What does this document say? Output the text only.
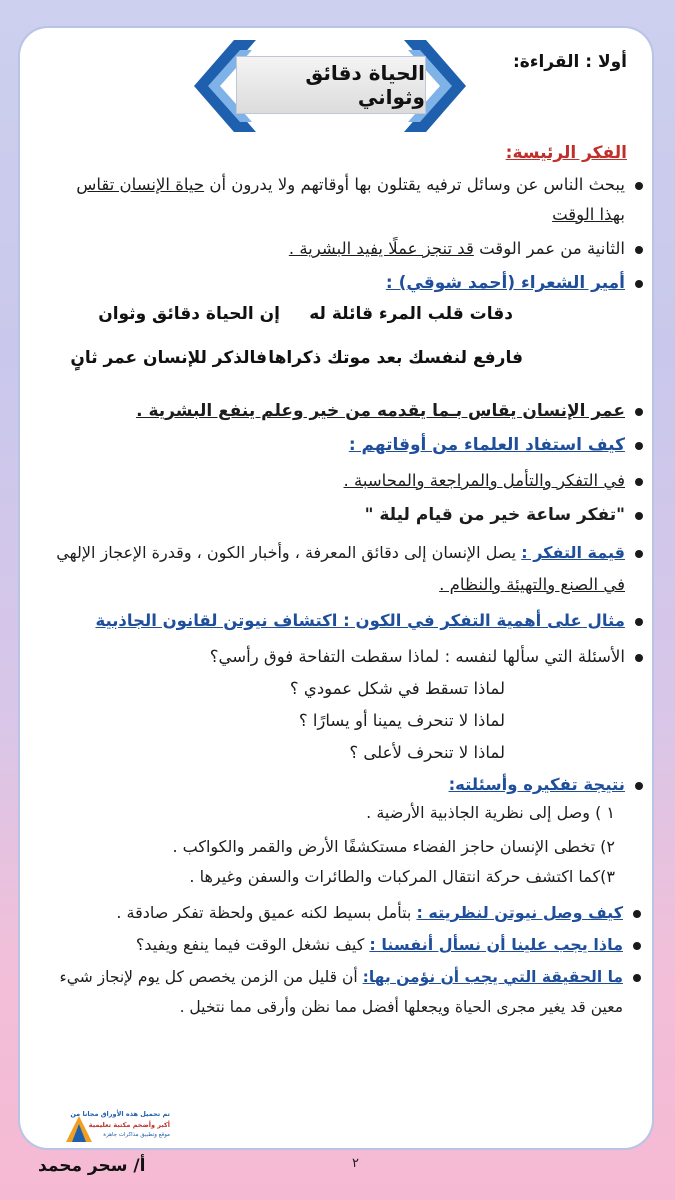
أولا : القراءة:
الحياة دقائق وثواني
الفكر الرئيسة:
يبحث الناس عن وسائل ترفيه يقتلون بها أوقاتهم ولا يدرون أن حياة الإنسان تقاس
بهذا الوقت
الثانية من عمر الوقت قد تنجز عملًا يفيد البشرية .
أمير الشعراء (أحمد شوقي) :
دقات قلب المرء قائلة له
إن الحياة دقائق وثوان
فارفع لنفسك بعد موتك ذكراها
فالذكر للإنسان عمر ثانٍ
عمر الإنسان يقاس بـما يقدمه من خير وعلم ينفع البشرية .
كيف استفاد العلماء من أوقاتهم :
في التفكر والتأمل والمراجعة والمحاسبة .
"تفكر ساعة خير من قيام ليلة "
قيمة التفكر : يصل الإنسان إلى دقائق المعرفة ، وأخبار الكون ، وقدرة الإعجاز الإلهي
في الصنع والتهيئة والنظام .
مثال على أهمية التفكر في الكون : اكتشاف نيوتن لقانون الجاذبية
الأسئلة التي سألها لنفسه : لماذا سقطت التفاحة فوق رأسي؟
لماذا تسقط في شكل عمودي ؟
لماذا لا تنحرف يمينا أو يسارًا ؟
لماذا لا تنحرف لأعلى ؟
نتيجة تفكيره وأسئلته:
١ ) وصل إلى نظرية الجاذبية الأرضية .
٢) تخطى الإنسان حاجز الفضاء مستكشفًا الأرض والقمر والكواكب .
٣)كما اكتشف حركة انتقال المركبات والطائرات والسفن وغيرها .
كيف وصل نيوتن لنظريته : بتأمل بسيط لكنه عميق ولحظة تفكر صادقة .
ماذا يجب علينا أن نسأل أنفسنا : كيف نشغل الوقت فيما ينفع ويفيد؟
ما الحقيقة التي يجب أن نؤمن بها: أن قليل من الزمن يخصص كل يوم لإنجاز شيء
معين قد يغير مجرى الحياة ويجعلها أفضل مما نظن وأرقى مما نتخيل .
تم تحميل هذه الأوراق مجانا من
أكبر وأضخم مكتبة تعليمية
موقع وتطبيق مذاكرات جاهزة
٢
أ/ سحر محمد
